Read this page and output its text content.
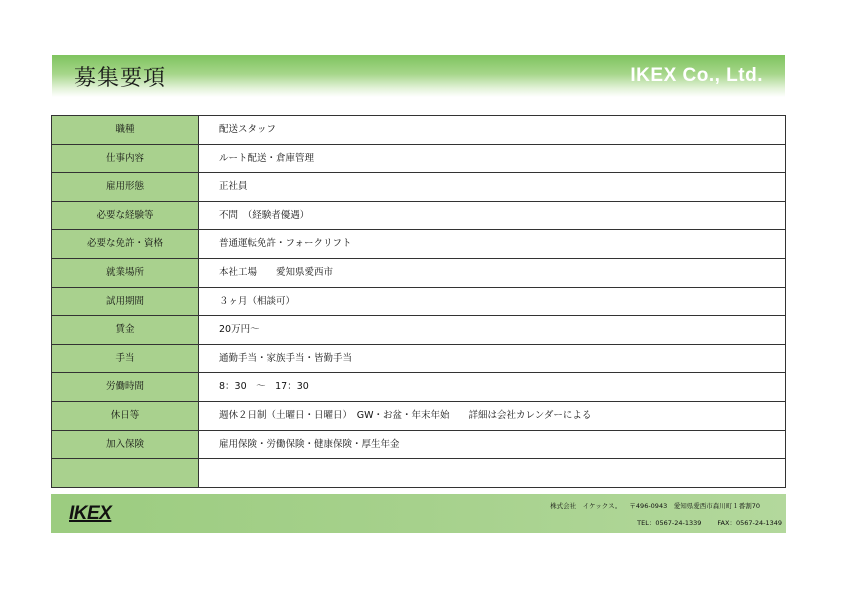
募集要項	IKEX Co., Ltd.
職種	配送スタッフ
仕事内容	ルート配送・倉庫管理
雇用形態	正社員
必要な経験等	不問　（経験者優遇）
必要な免許・資格	普通運転免許・フォークリフト
就業場所	本社工場　　愛知県愛西市
試用期間	３ヶ月（相談可）
賃金	20万円～
手当	通勤手当・家族手当・皆勤手当
労働時間	8：30　～　17：30
休日等	週休２日制（土曜日・日曜日）　GW・お盆・年末年始　　詳細は会社カレンダーによる
加入保険	雇用保険・労働保険・健康保険・厚生年金

IKEX	株式会社　イケックス。 〒496-0943　愛知県愛西市森川町１番割70
TEL：0567-24-1339 FAX：0567-24-1349
